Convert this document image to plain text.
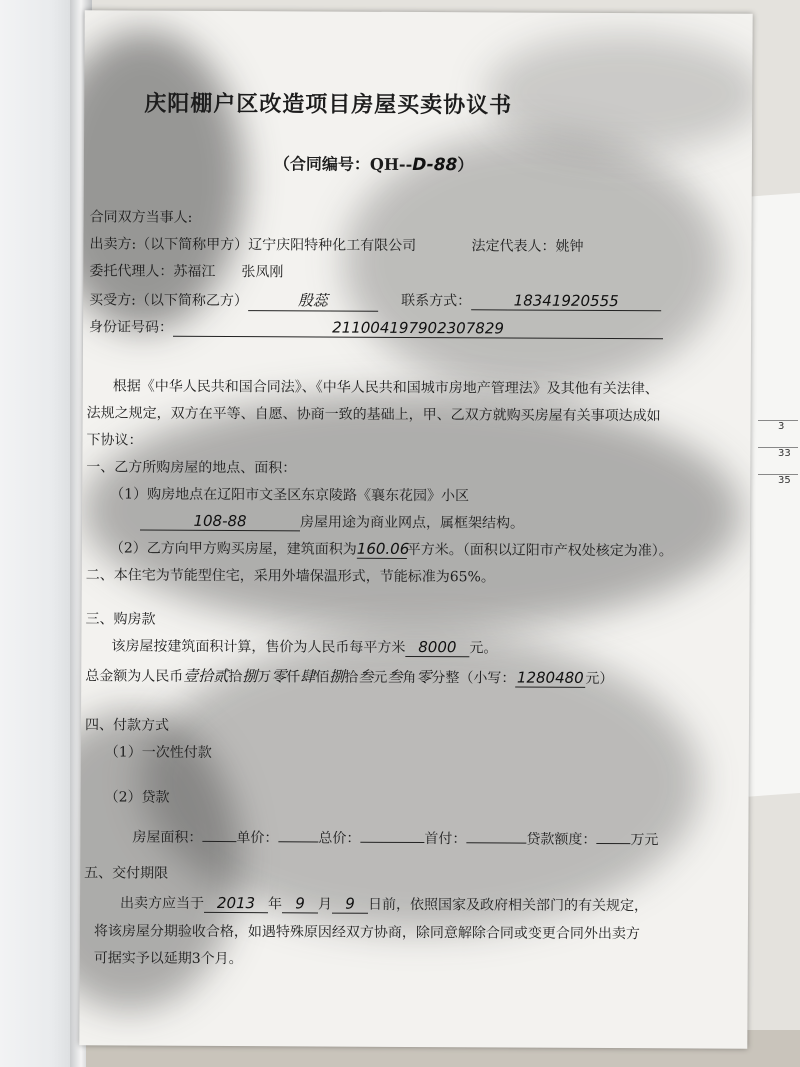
3
33
35
庆阳棚户区改造项目房屋买卖协议书
（合同编号：QH--D-88）
合同双方当事人:
出卖方:（以下简称甲方）辽宁庆阳特种化工有限公司	法定代表人：姚钟
委托代理人：苏福江 张凤刚
买受方:（以下简称乙方）	殷蕊	联系方式：	18341920555
身份证号码：	211004197902307829
根据《中华人民共和国合同法》、《中华人民共和国城市房地产管理法》及其他有关法律、
法规之规定，双方在平等、自愿、协商一致的基础上，甲、乙双方就购买房屋有关事项达成如
下协议：
一、乙方所购房屋的地点、面积：
（1）购房地点在辽阳市文圣区东京陵路《襄东花园》小区
108-88	房屋用途为商业网点，属框架结构。
（2）乙方向甲方购买房屋，建筑面积为160.06平方米。（面积以辽阳市产权处核定为准）。
二、本住宅为节能型住宅，采用外墙保温形式，节能标准为65%。
三、购房款
该房屋按建筑面积计算，售价为人民币每平方米 8000 元。
总金额为人民币壹拾贰拾捌万零仟肆佰捌拾叁元叁角零分整（小写： 1280480元）
四、付款方式
（1）一次性付款
（2）贷款
房屋面积： 单价：	总价：	首付：	贷款额度： 万元
五、交付期限
出卖方应当于 2013 年 9 月 9 日前，依照国家及政府相关部门的有关规定，
将该房屋分期验收合格，如遇特殊原因经双方协商，除同意解除合同或变更合同外出卖方
可据实予以延期3个月。
